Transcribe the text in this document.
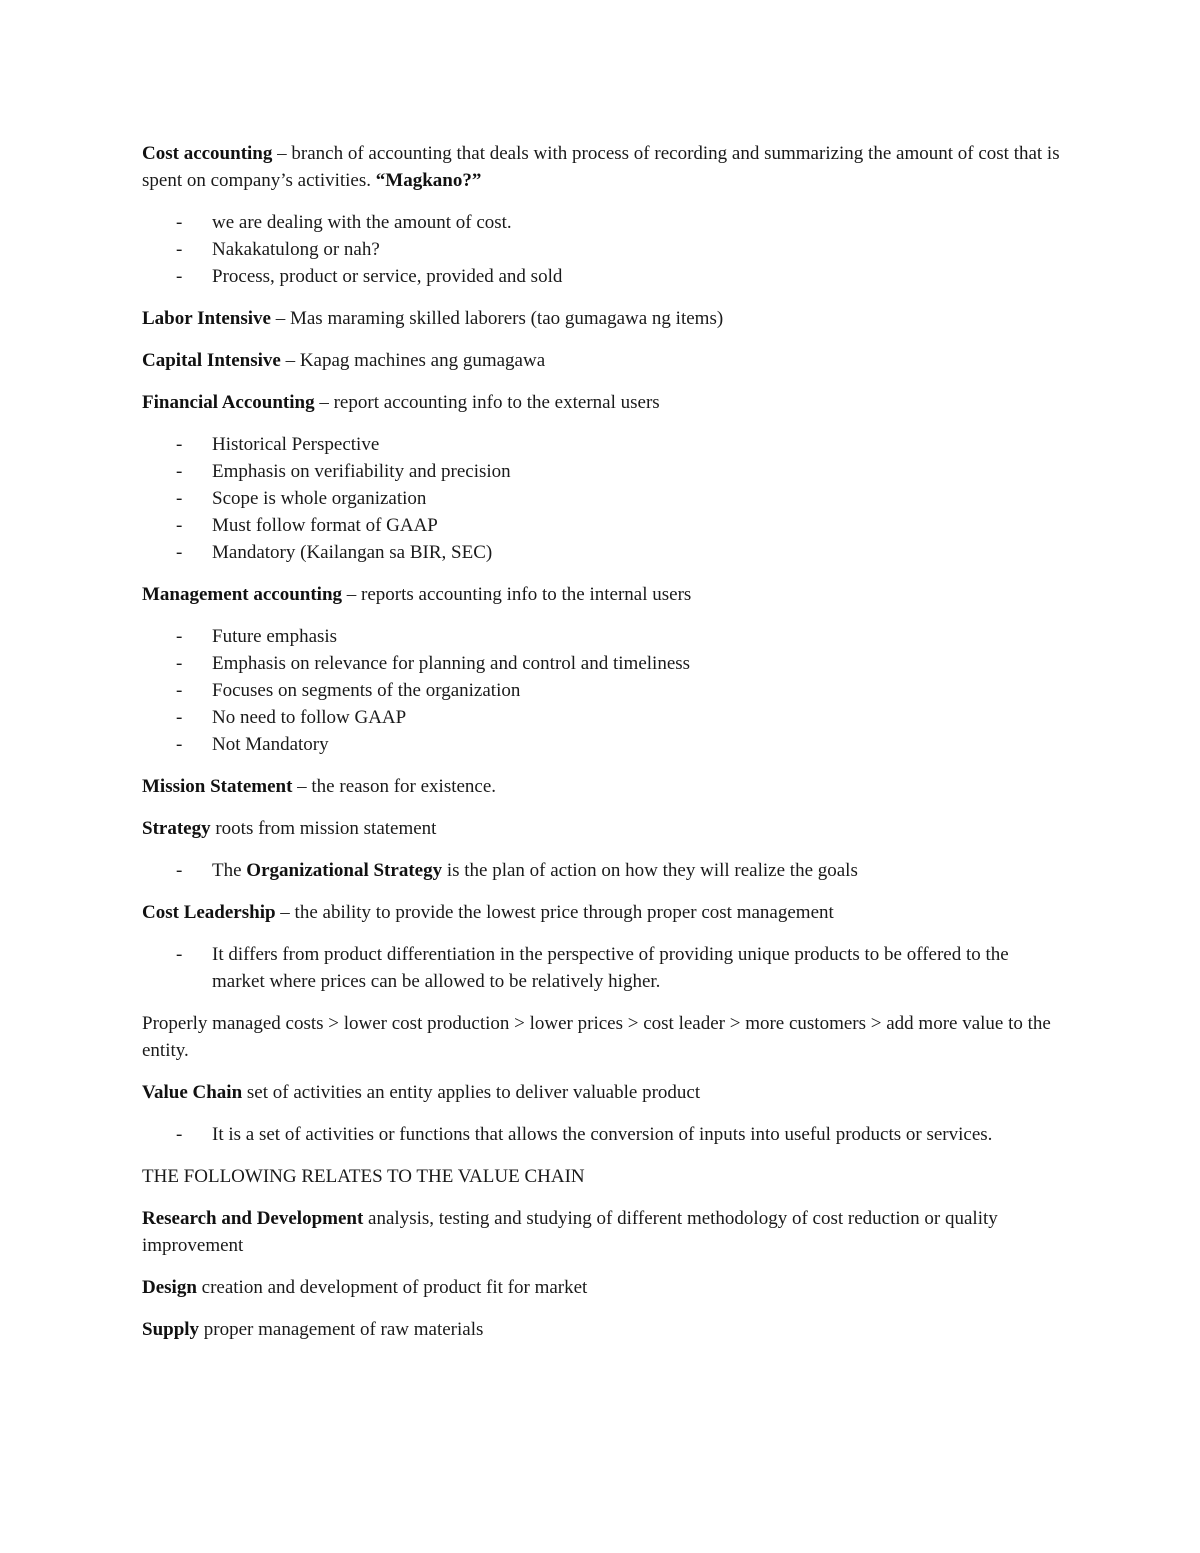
Cost accounting – branch of accounting that deals with process of recording and summarizing the amount of cost that is spent on company’s activities. “Magkano?”

- we are dealing with the amount of cost.
- Nakakatulong or nah?
- Process, product or service, provided and sold

Labor Intensive – Mas maraming skilled laborers (tao gumagawa ng items)

Capital Intensive – Kapag machines ang gumagawa

Financial Accounting – report accounting info to the external users

- Historical Perspective
- Emphasis on verifiability and precision
- Scope is whole organization
- Must follow format of GAAP
- Mandatory (Kailangan sa BIR, SEC)

Management accounting – reports accounting info to the internal users

- Future emphasis
- Emphasis on relevance for planning and control and timeliness
- Focuses on segments of the organization
- No need to follow GAAP
- Not Mandatory

Mission Statement – the reason for existence.

Strategy roots from mission statement

- The Organizational Strategy is the plan of action on how they will realize the goals

Cost Leadership – the ability to provide the lowest price through proper cost management

- It differs from product differentiation in the perspective of providing unique products to be offered to the market where prices can be allowed to be relatively higher.

Properly managed costs > lower cost production > lower prices > cost leader > more customers > add more value to the entity.

Value Chain set of activities an entity applies to deliver valuable product

- It is a set of activities or functions that allows the conversion of inputs into useful products or services.

THE FOLLOWING RELATES TO THE VALUE CHAIN

Research and Development analysis, testing and studying of different methodology of cost reduction or quality improvement

Design creation and development of product fit for market

Supply proper management of raw materials
